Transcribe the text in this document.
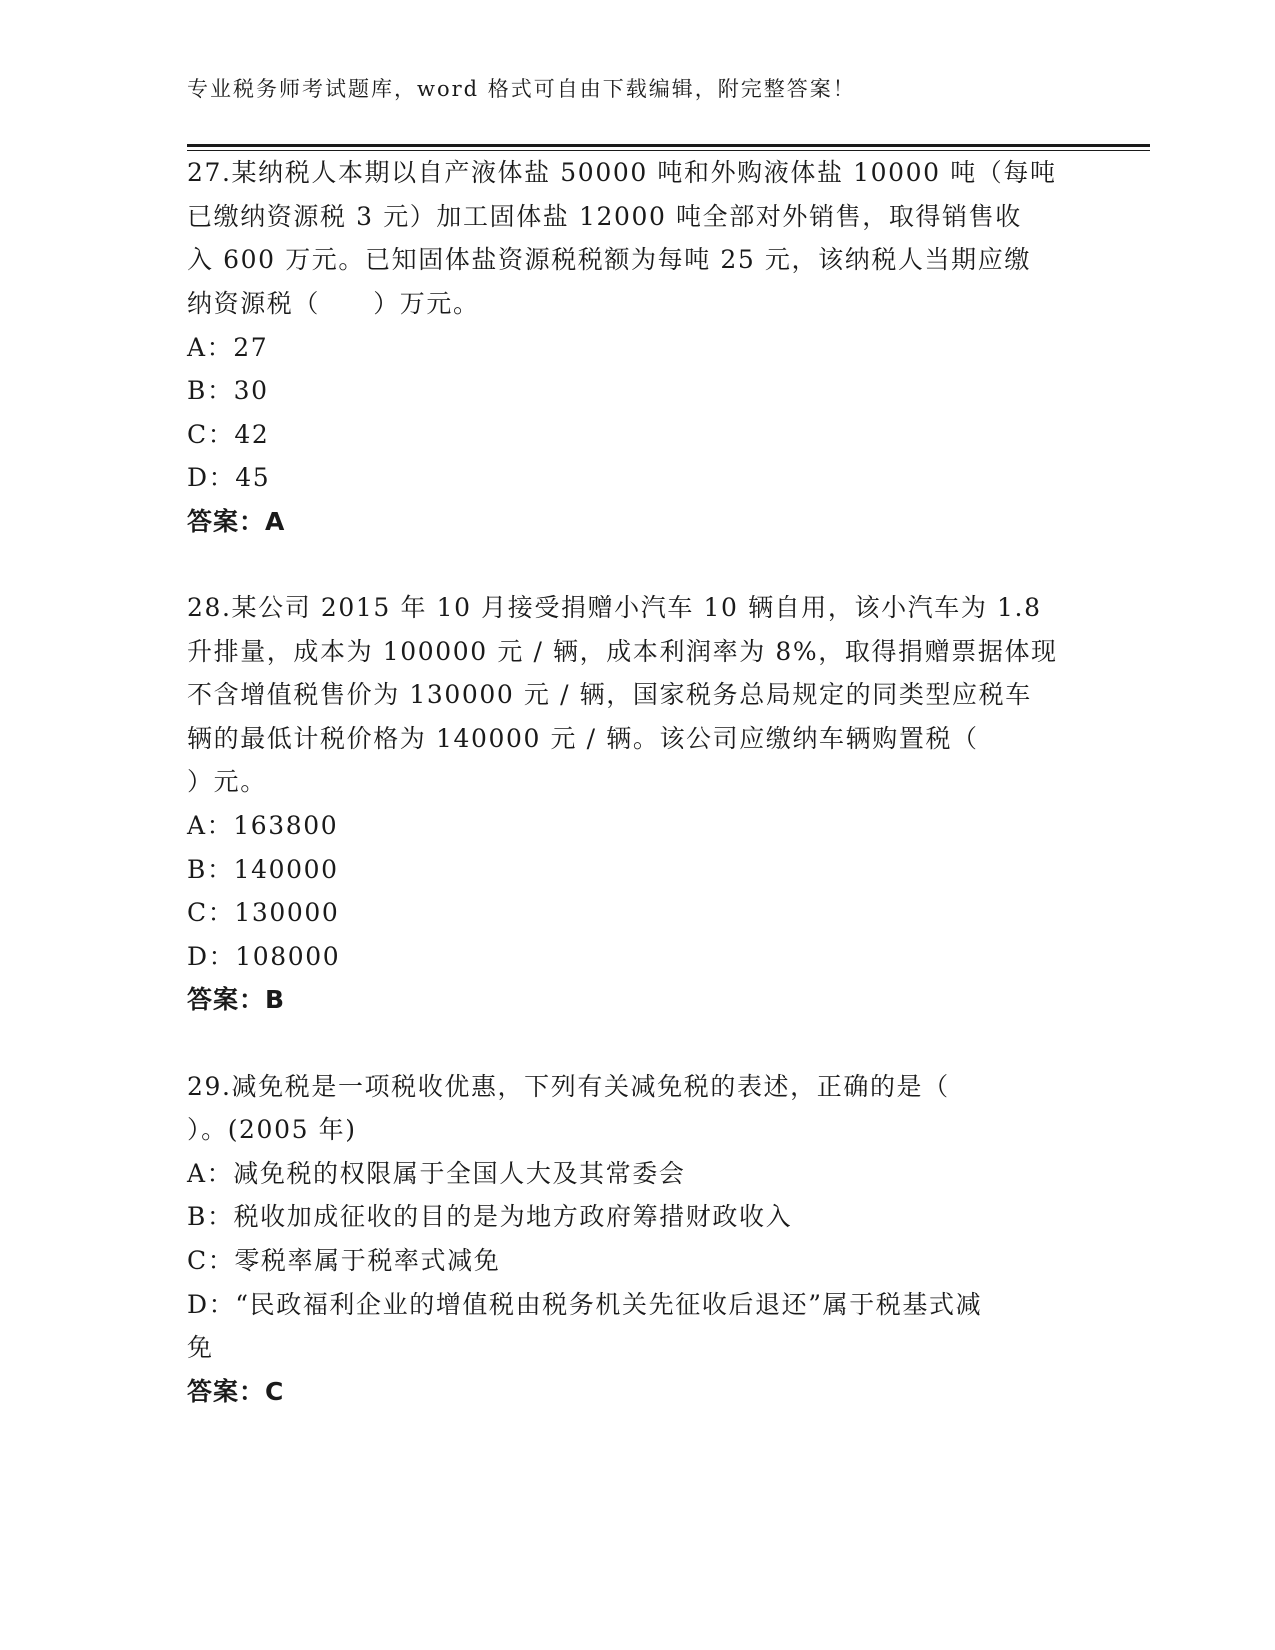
专业税务师考试题库，word 格式可自由下载编辑，附完整答案！
27.某纳税人本期以自产液体盐 50000 吨和外购液体盐 10000 吨（每吨
已缴纳资源税 3 元）加工固体盐 12000 吨全部对外销售，取得销售收
入 600 万元。已知固体盐资源税税额为每吨 25 元，该纳税人当期应缴
纳资源税（　　）万元。
A：27
B：30
C：42
D：45
答案：A
28.某公司 2015 年 10 月接受捐赠小汽车 10 辆自用，该小汽车为 1.8
升排量，成本为 100000 元 / 辆，成本利润率为 8%，取得捐赠票据体现
不含增值税售价为 130000 元 / 辆，国家税务总局规定的同类型应税车
辆的最低计税价格为 140000 元 / 辆。该公司应缴纳车辆购置税（
）元。
A：163800
B：140000
C：130000
D：108000
答案：B
29.减免税是一项税收优惠，下列有关减免税的表述，正确的是（
）。(2005 年)
A：减免税的权限属于全国人大及其常委会
B：税收加成征收的目的是为地方政府筹措财政收入
C：零税率属于税率式减免
D：“民政福利企业的增值税由税务机关先征收后退还”属于税基式减
免
答案：C
